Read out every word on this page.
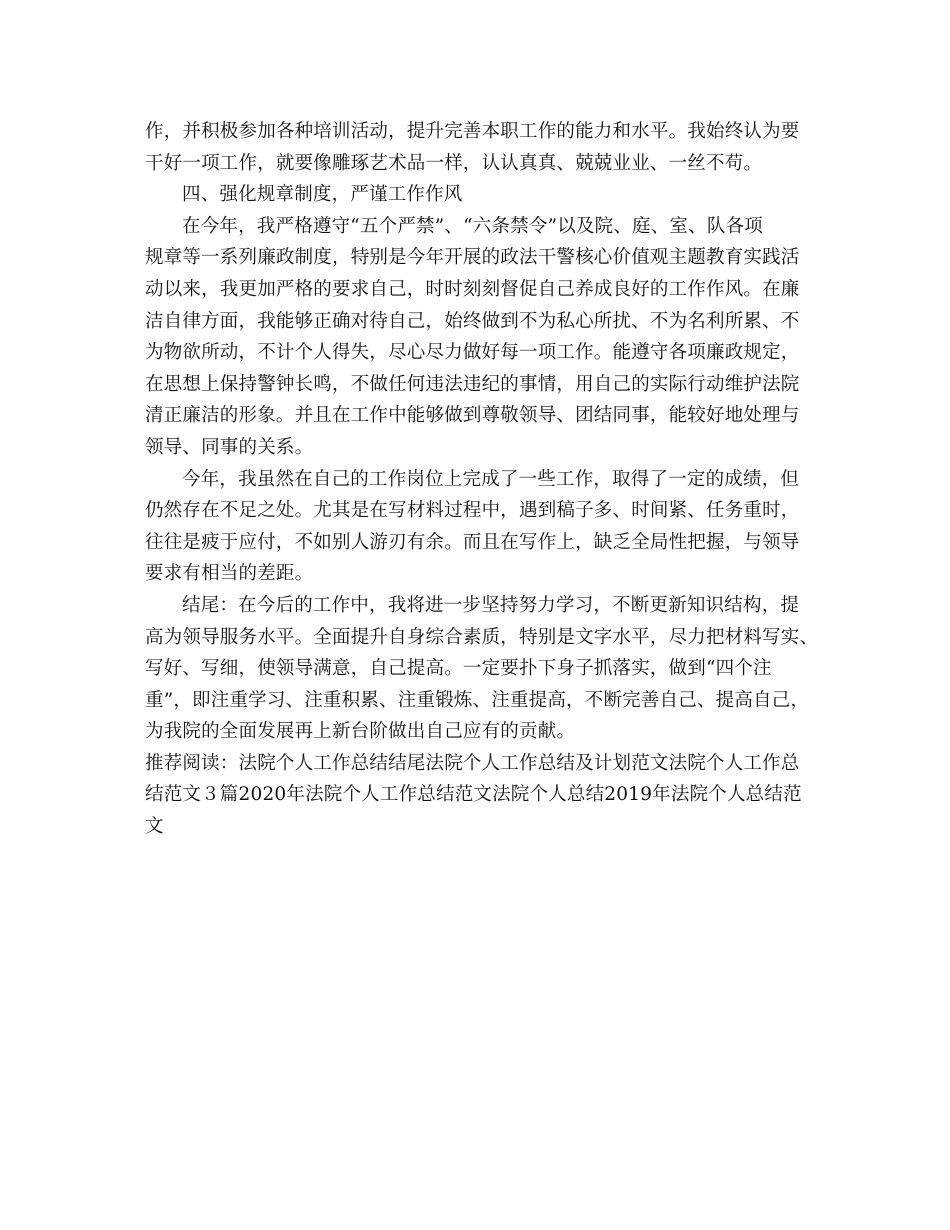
作，并积极参加各种培训活动，提升完善本职工作的能力和水平。我始终认为要
干好一项工作，就要像雕琢艺术品一样，认认真真、兢兢业业、一丝不苟。
四、强化规章制度，严谨工作作风
在今年，我严格遵守“五个严禁”、“六条禁令”以及院、庭、室、队各项
规章等一系列廉政制度，特别是今年开展的政法干警核心价值观主题教育实践活
动以来，我更加严格的要求自己，时时刻刻督促自己养成良好的工作作风。在廉
洁自律方面，我能够正确对待自己，始终做到不为私心所扰、不为名利所累、不
为物欲所动，不计个人得失，尽心尽力做好每一项工作。能遵守各项廉政规定，
在思想上保持警钟长鸣，不做任何违法违纪的事情，用自己的实际行动维护法院
清正廉洁的形象。并且在工作中能够做到尊敬领导、团结同事，能较好地处理与
领导、同事的关系。
今年，我虽然在自己的工作岗位上完成了一些工作，取得了一定的成绩，但
仍然存在不足之处。尤其是在写材料过程中，遇到稿子多、时间紧、任务重时，
往往是疲于应付，不如别人游刃有余。而且在写作上，缺乏全局性把握，与领导
要求有相当的差距。
结尾：在今后的工作中，我将进一步坚持努力学习，不断更新知识结构，提
高为领导服务水平。全面提升自身综合素质，特别是文字水平，尽力把材料写实、
写好、写细，使领导满意，自己提高。一定要扑下身子抓落实，做到“四个注
重”，即注重学习、注重积累、注重锻炼、注重提高，不断完善自己、提高自己，
为我院的全面发展再上新台阶做出自己应有的贡献。
推荐阅读：法院个人工作总结结尾法院个人工作总结及计划范文法院个人工作总
结范文３篇2020年法院个人工作总结范文法院个人总结2019年法院个人总结范
文
